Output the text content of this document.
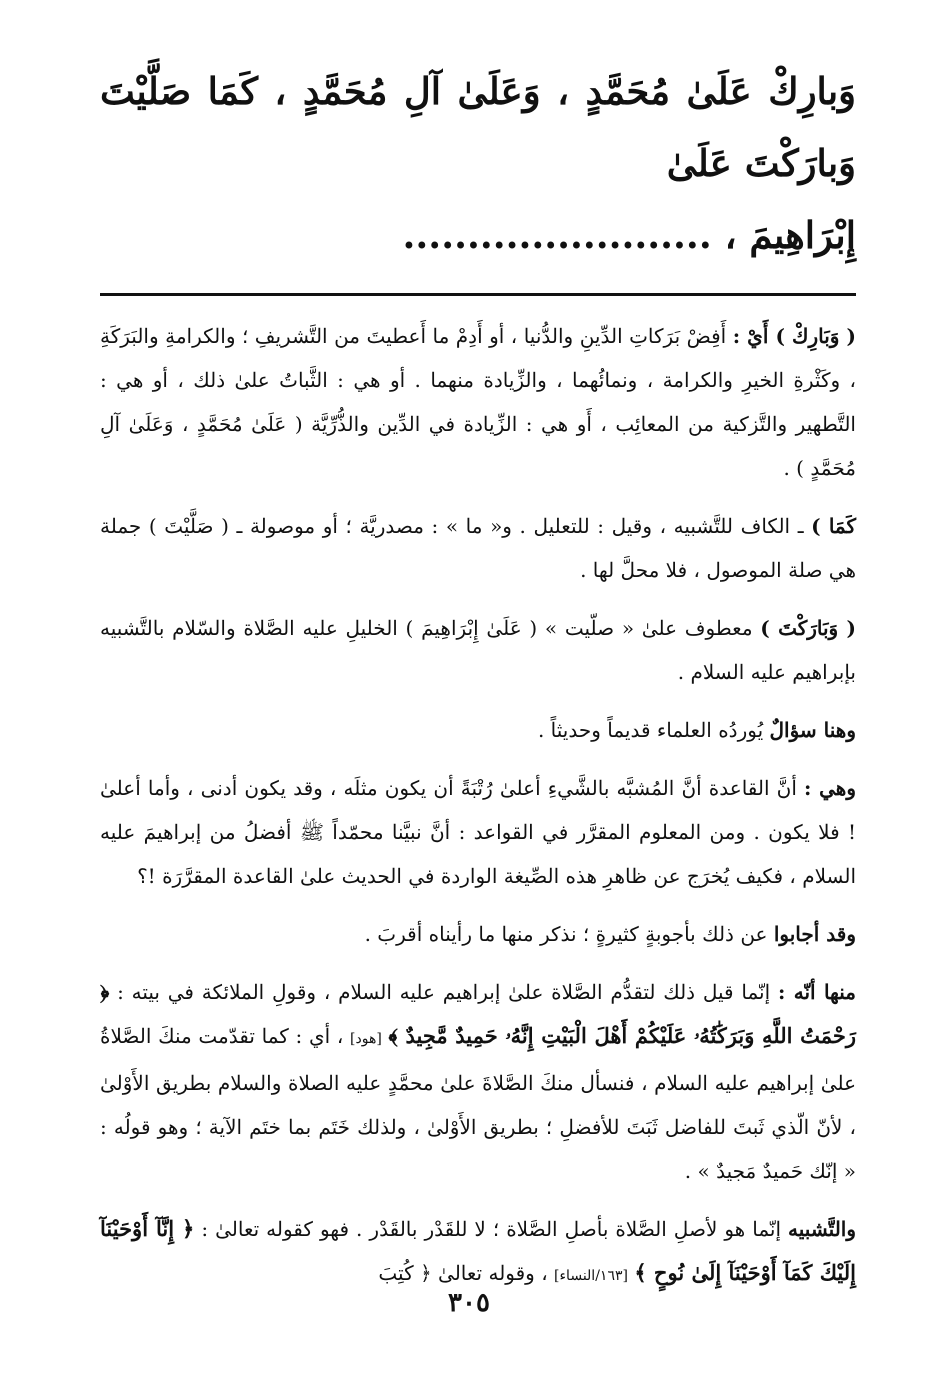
وَبارِكْ عَلَىٰ مُحَمَّدٍ ، وَعَلَىٰ آلِ مُحَمَّدٍ ، كَمَا صَلَّيْتَ وَبارَكْتَ عَلَىٰ
إِبْرَاهِيمَ ، ........................

( وَبَارِكْ ) أَيْ : أَفِضْ بَرَكاتِ الدِّينِ والدُّنيا ، أو أَدِمْ ما أَعطيتَ من التَّشريفِ ؛ والكرامةِ والبَرَكَةِ ، وكَثْرةِ الخيرِ والكرامة ، ونمائُهما ، والزِّيادة منهما . أو هي : الثَّباتُ علىٰ ذلك ، أو هي : التَّطهير والتَّزكية من المعائِب ، أَو هي : الزِّيادة في الدِّين والذُّرِّيَّة ( عَلَىٰ مُحَمَّدٍ ، وَعَلَىٰ آلِ مُحَمَّدٍ ) .

كَمَا ) ـ الكاف للتَّشبيه ، وقيل : للتعليل . و« ما » : مصدريَّة ؛ أو موصولة ـ ( صَلَّيْتَ ) جملة هي صلة الموصول ، فلا محلَّ لها .

( وَبَارَكْتَ ) معطوف علىٰ « صلّيت » ( عَلَىٰ إِبْرَاهِيمَ ) الخليلِ عليه الصَّلاة والسّلام بالتَّشبيه بإبراهيم عليه السلام .

وهنا سؤالٌ يُوردُه العلماء قديماً وحديثاً .

وهي : أنَّ القاعدة أنَّ المُشبَّه بالشَّيءِ أعلىٰ رُتْبَةً أن يكون مثلَه ، وقد يكون أدنى ، وأما أعلىٰ ! فلا يكون . ومن المعلوم المقرَّر في القواعد : أنَّ نبيَّنا محمّداً ﷺ أفضلُ من إبراهيمَ عليه السلام ، فكيف يُخرَج عن ظاهرِ هذه الصِّيغة الواردة في الحديث علىٰ القاعدة المقرَّرَة !؟

وقد أجابوا عن ذلك بأجوبةٍ كثيرةٍ ؛ نذكر منها ما رأيناه أقربَ .

منها أنّه : إنّما قيل ذلك لتقدُّم الصَّلاة علىٰ إبراهيم عليه السلام ، وقولِ الملائكة في بيته : ﴿ رَحْمَتُ اللَّهِ وَبَرَكَٰتُهُۥ عَلَيْكُمْ أَهْلَ الْبَيْتِ إِنَّهُۥ حَمِيدٌ مَّجِيدٌ ﴾ [هود] ، أي : كما تقدّمت منكَ الصَّلاةُ علىٰ إبراهيم عليه السلام ، فنسأل منكَ الصَّلاةَ علىٰ محمَّدٍ عليه الصلاة والسلام بطريق الأَوْلىٰ ، لأنّ الّذي ثَبتَ للفاضل ثَبَتَ للأفضلِ ؛ بطريق الأَوْلىٰ ، ولذلك خَتَم بما ختَم الآية ؛ وهو قولُه : « إنّك حَميدٌ مَجيدٌ » .

والتَّشبيه إنّما هو لأصلِ الصَّلاة بأصلِ الصَّلاة ؛ لا للقَدْر بالقَدْر . فهو كقوله تعالىٰ : ﴿ إِنَّآ أَوْحَيْنَآ إِلَيْكَ كَمَآ أَوْحَيْنَآ إِلَىٰ نُوحٍ ﴾ [١٦٣/النساء] ، وقوله تعالىٰ ﴿ كُتِبَ

٣٠٥
